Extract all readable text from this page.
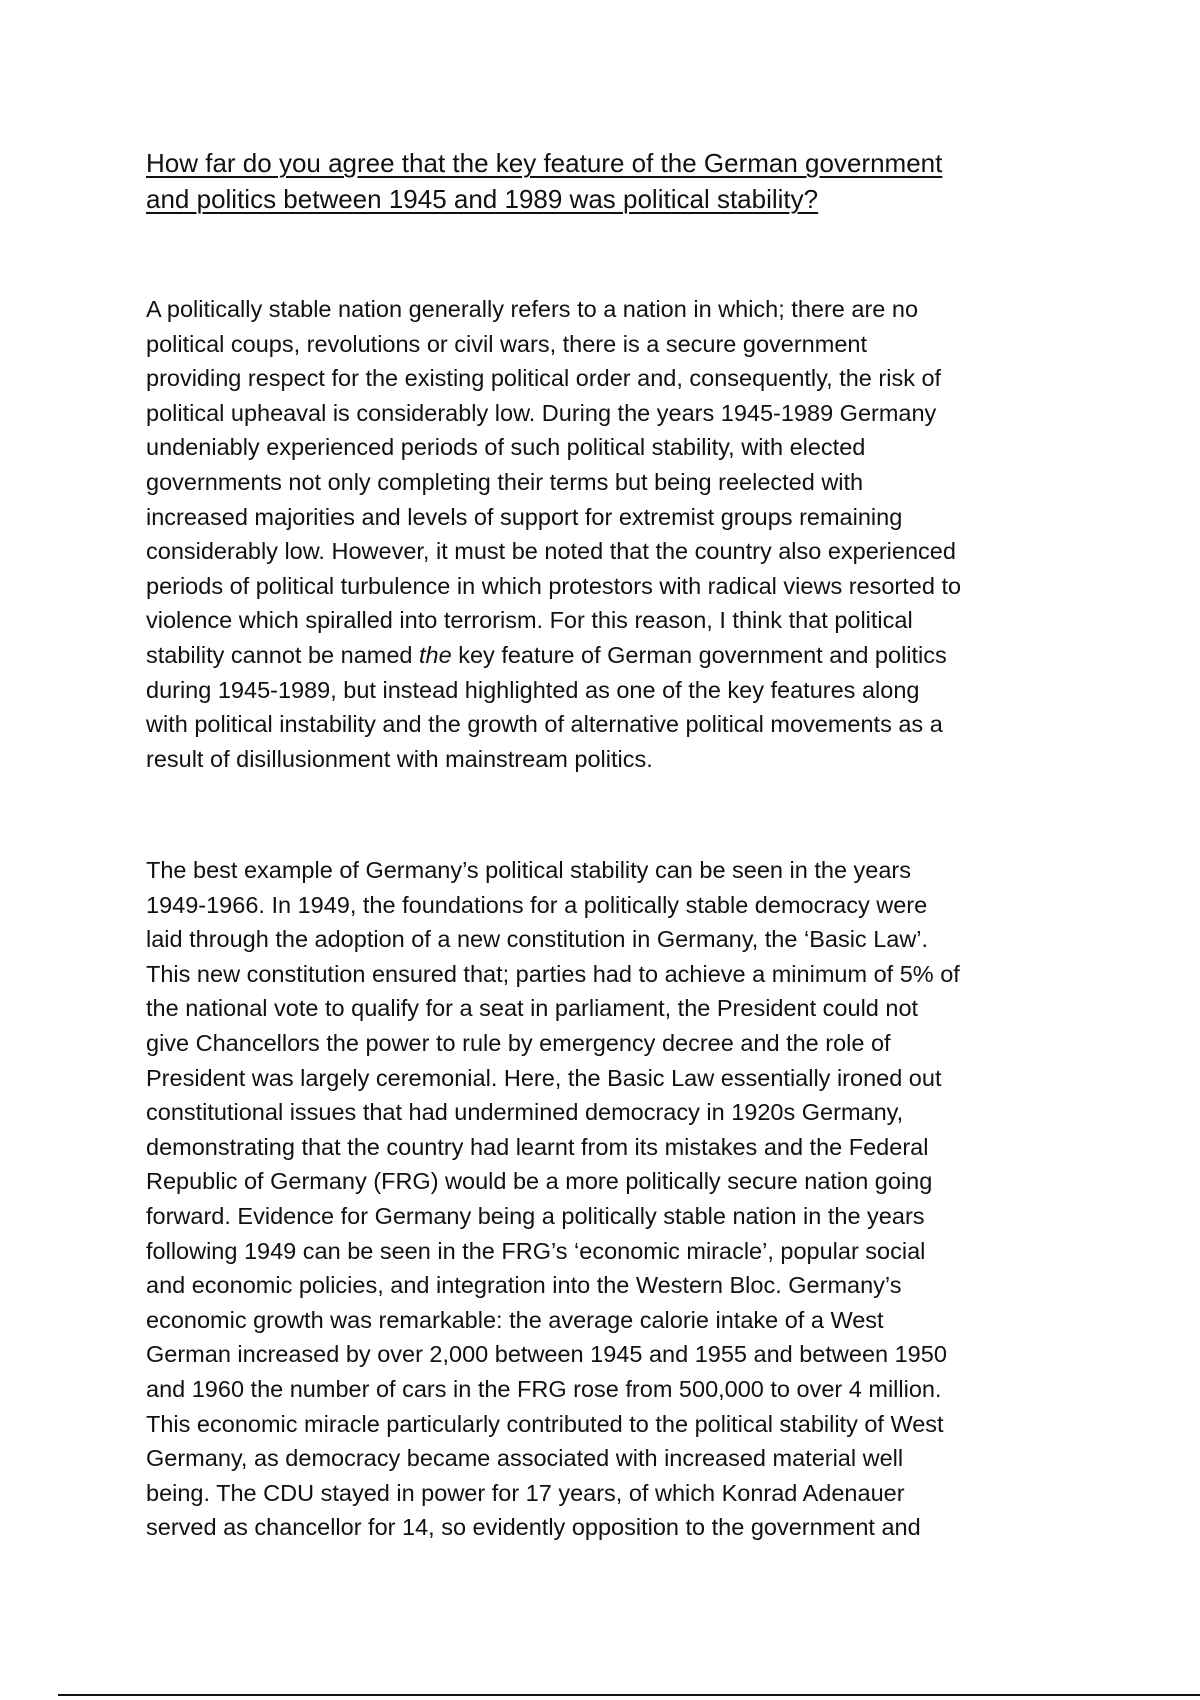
How far do you agree that the key feature of the German government
and politics between 1945 and 1989 was political stability?

A politically stable nation generally refers to a nation in which; there are no
political coups, revolutions or civil wars, there is a secure government
providing respect for the existing political order and, consequently, the risk of
political upheaval is considerably low. During the years 1945-1989 Germany
undeniably experienced periods of such political stability, with elected
governments not only completing their terms but being reelected with
increased majorities and levels of support for extremist groups remaining
considerably low. However, it must be noted that the country also experienced
periods of political turbulence in which protestors with radical views resorted to
violence which spiralled into terrorism. For this reason, I think that political
stability cannot be named the key feature of German government and politics
during 1945-1989, but instead highlighted as one of the key features along
with political instability and the growth of alternative political movements as a
result of disillusionment with mainstream politics.

The best example of Germany’s political stability can be seen in the years
1949-1966. In 1949, the foundations for a politically stable democracy were
laid through the adoption of a new constitution in Germany, the ‘Basic Law’.
This new constitution ensured that; parties had to achieve a minimum of 5% of
the national vote to qualify for a seat in parliament, the President could not
give Chancellors the power to rule by emergency decree and the role of
President was largely ceremonial. Here, the Basic Law essentially ironed out
constitutional issues that had undermined democracy in 1920s Germany,
demonstrating that the country had learnt from its mistakes and the Federal
Republic of Germany (FRG) would be a more politically secure nation going
forward. Evidence for Germany being a politically stable nation in the years
following 1949 can be seen in the FRG’s ‘economic miracle’, popular social
and economic policies, and integration into the Western Bloc. Germany’s
economic growth was remarkable: the average calorie intake of a West
German increased by over 2,000 between 1945 and 1955 and between 1950
and 1960 the number of cars in the FRG rose from 500,000 to over 4 million.
This economic miracle particularly contributed to the political stability of West
Germany, as democracy became associated with increased material well
being. The CDU stayed in power for 17 years, of which Konrad Adenauer
served as chancellor for 14, so evidently opposition to the government and
